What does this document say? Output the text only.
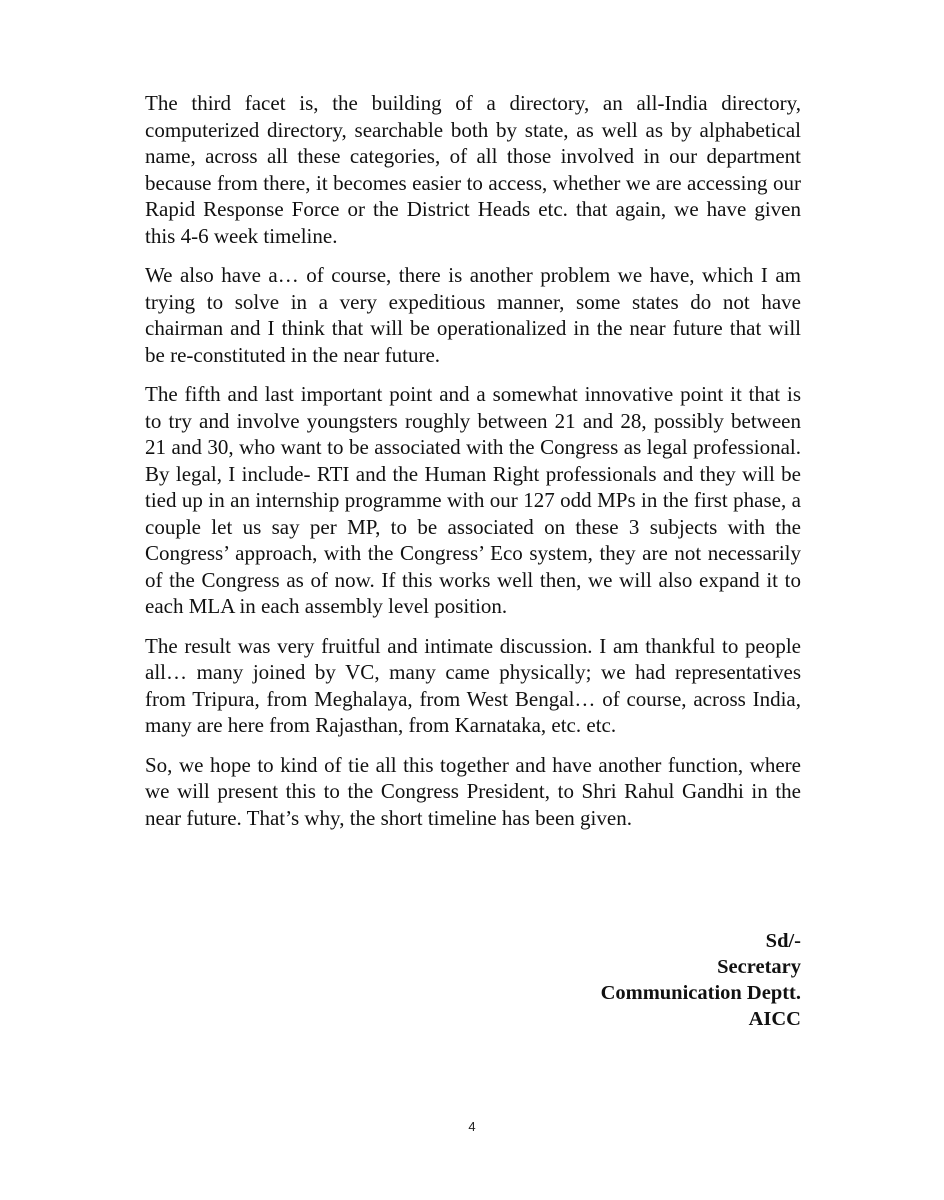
The third facet is, the building of a directory, an all-India directory, computerized directory, searchable both by state, as well as by alphabetical name, across all these categories, of all those involved in our department because from there, it becomes easier to access, whether we are accessing our Rapid Response Force or the District Heads etc. that again, we have given this 4-6 week timeline.

We also have a… of course, there is another problem we have, which I am trying to solve in a very expeditious manner, some states do not have chairman and I think that will be operationalized in the near future that will be re-constituted in the near future.

The fifth and last important point and a somewhat innovative point it that is to try and involve youngsters roughly between 21 and 28, possibly between 21 and 30, who want to be associated with the Congress as legal professional. By legal, I include- RTI and the Human Right professionals and they will be tied up in an internship programme with our 127 odd MPs in the first phase, a couple let us say per MP, to be associated on these 3 subjects with the Congress’ approach, with the Congress’ Eco system, they are not necessarily of the Congress as of now. If this works well then, we will also expand it to each MLA in each assembly level position.

The result was very fruitful and intimate discussion. I am thankful to people all… many joined by VC, many came physically; we had representatives from Tripura, from Meghalaya, from West Bengal… of course, across India, many are here from Rajasthan, from Karnataka, etc. etc.

So, we hope to kind of tie all this together and have another function, where we will present this to the Congress President, to Shri Rahul Gandhi in the near future. That’s why, the short timeline has been given.

Sd/-
Secretary
Communication Deptt.
AICC
4
